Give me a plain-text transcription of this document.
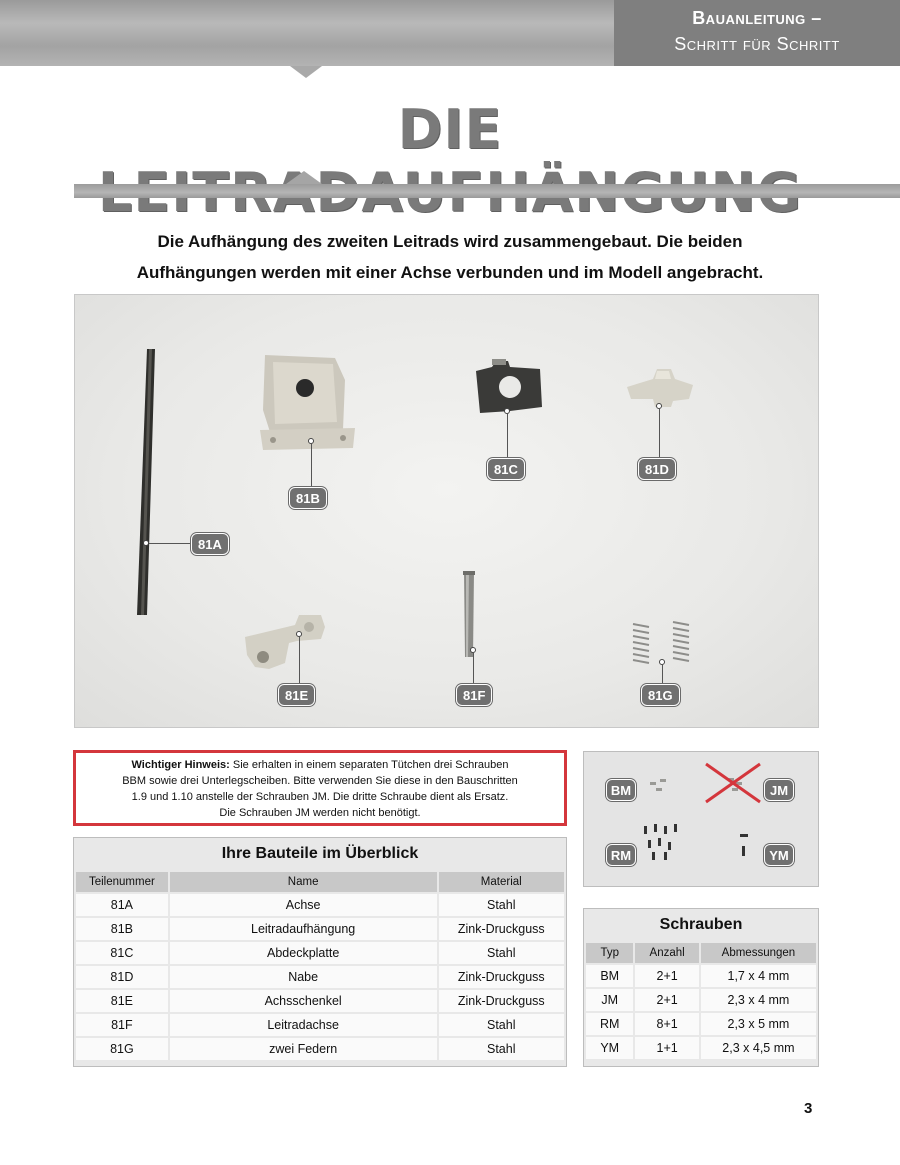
Bauanleitung –
Schritt für Schritt
DIE
Die Aufhängung des zweiten Leitrads wird zusammengebaut. Die beiden
Aufhängungen werden mit einer Achse verbunden und im Modell angebracht.
81A
81B
81C	81D
81E	81F	81G
Wichtiger Hinweis: Sie erhalten in einem separaten Tütchen drei Schrauben
BBM sowie drei Unterlegscheiben. Bitte verwenden Sie diese in den Bauschritten
1.9 und 1.10 anstelle der Schrauben JM. Die dritte Schraube dient als Ersatz.
Die Schrauben JM werden nicht benötigt.
Ihre Bauteile im Überblick
Teilenummer	Name	Material
81A	Achse	Stahl
81B	Leitradaufhängung	Zink-Druckguss
81C	Abdeckplatte	Stahl
81D	Nabe	Zink-Druckguss
81E	Achsschenkel	Zink-Druckguss
81F	Leitradachse	Stahl
81G	zwei Federn	Stahl
BM	JM
RM	YM
Schrauben
Typ	Anzahl	Abmessungen
BM	2+1	1,7 x 4 mm
JM	2+1	2,3 x 4 mm
RM	8+1	2,3 x 5 mm
YM	1+1	2,3 x 4,5 mm
3
